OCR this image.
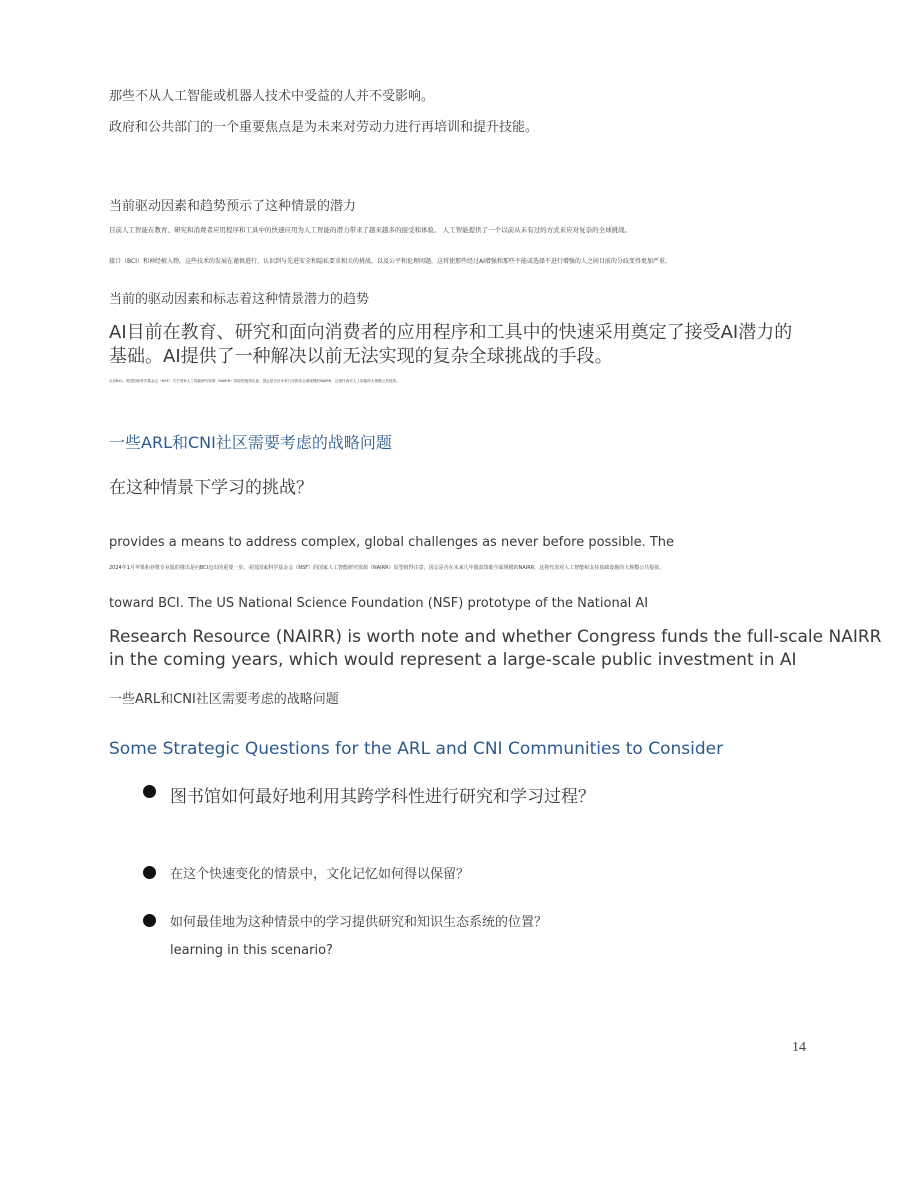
那些不从人工智能或机器人技术中受益的人并不受影响。

政府和公共部门的一个重要焦点是为未来对劳动力进行再培训和提升技能。

当前驱动因素和趋势预示了这种情景的潜力

目前人工智能在教育、研究和消费者应用程序和工具中的快速应用为人工智能的潜力带来了越来越多的接受和体验。 人工智能提供了一个以前从未有过的方式来应对复杂的全球挑战。

接口（BCI）和神经植入物。这些技术的发展在谨慎进行，认识到与先进安全和隐私要求相关的挑战，以及公平和伦理问题，这将使那些经过AI增强和那些不能或选择不进行增强的人之间目前的分歧变得更加严重。

当前的驱动因素和标志着这种情景潜力的趋势

AI目前在教育、研究和面向消费者的应用程序和工具中的快速采用奠定了接受AI潜力的

基础。AI提供了一种解决以前无法实现的复杂全球挑战的手段。

走向BCI。美国国家科学基金会（NSF）关于国家人工智能研究资源（NAIRR）的原型值得注意，国会是否在未来几年拨款全面规模的NAIRR，这将代表对人工智能的大规模公共投资。

一些ARL和CNI社区需要考虑的战略问题

在这种情景下学习的挑战？

provides a means to address complex, global challenges as never before possible. The

2024年1月苹果和谷歌专业版的推出是向BCI迈出的重要一步。美国国家科学基金会（NSF）的国家人工智能研究资源（NAIRR）原型值得注意，国会是否在未来几年拨款资助全面规模的NAIRR，这将代表对人工智能和支持基础设施的大规模公共投资。

toward BCI. The US National Science Foundation (NSF) prototype of the National AI

Research Resource (NAIRR) is worth note and whether Congress funds the full-scale NAIRR

in the coming years, which would represent a large-scale public investment in AI

一些ARL和CNI社区需要考虑的战略问题

Some Strategic Questions for the ARL and CNI Communities to Consider

图书馆如何最好地利用其跨学科性进行研究和学习过程？

在这个快速变化的情景中，文化记忆如何得以保留？

如何最佳地为这种情景中的学习提供研究和知识生态系统的位置？

learning in this scenario?

14
